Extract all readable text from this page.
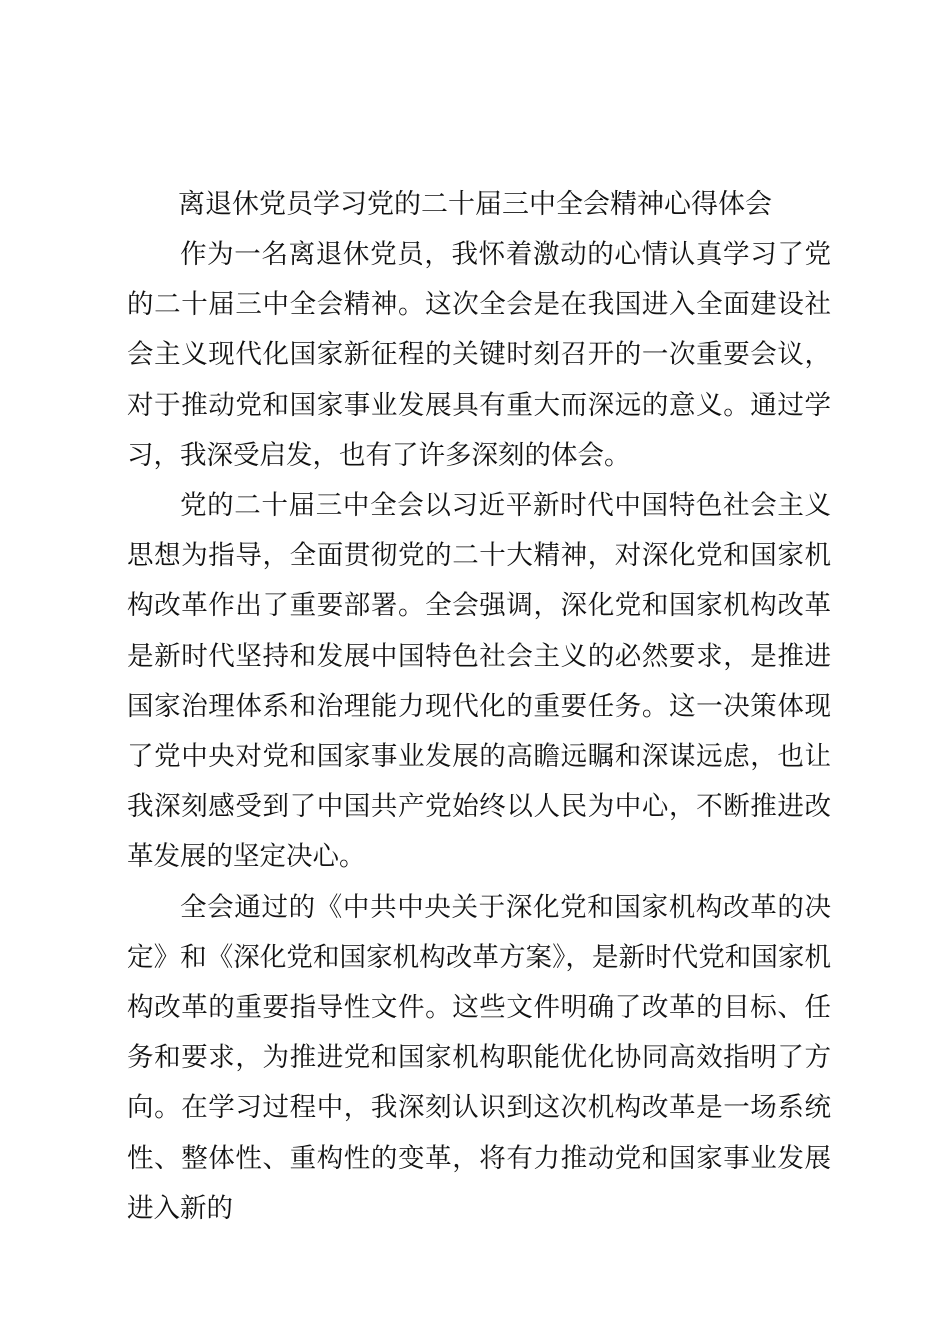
离退休党员学习党的二十届三中全会精神心得体会

作为一名离退休党员，我怀着激动的心情认真学习了党的二十届三中全会精神。这次全会是在我国进入全面建设社会主义现代化国家新征程的关键时刻召开的一次重要会议，对于推动党和国家事业发展具有重大而深远的意义。通过学习，我深受启发，也有了许多深刻的体会。

党的二十届三中全会以习近平新时代中国特色社会主义思想为指导，全面贯彻党的二十大精神，对深化党和国家机构改革作出了重要部署。全会强调，深化党和国家机构改革是新时代坚持和发展中国特色社会主义的必然要求，是推进国家治理体系和治理能力现代化的重要任务。这一决策体现了党中央对党和国家事业发展的高瞻远瞩和深谋远虑，也让我深刻感受到了中国共产党始终以人民为中心，不断推进改革发展的坚定决心。

全会通过的《中共中央关于深化党和国家机构改革的决定》和《深化党和国家机构改革方案》，是新时代党和国家机构改革的重要指导性文件。这些文件明确了改革的目标、任务和要求，为推进党和国家机构职能优化协同高效指明了方向。在学习过程中，我深刻认识到这次机构改革是一场系统性、整体性、重构性的变革，将有力推动党和国家事业发展进入新的
